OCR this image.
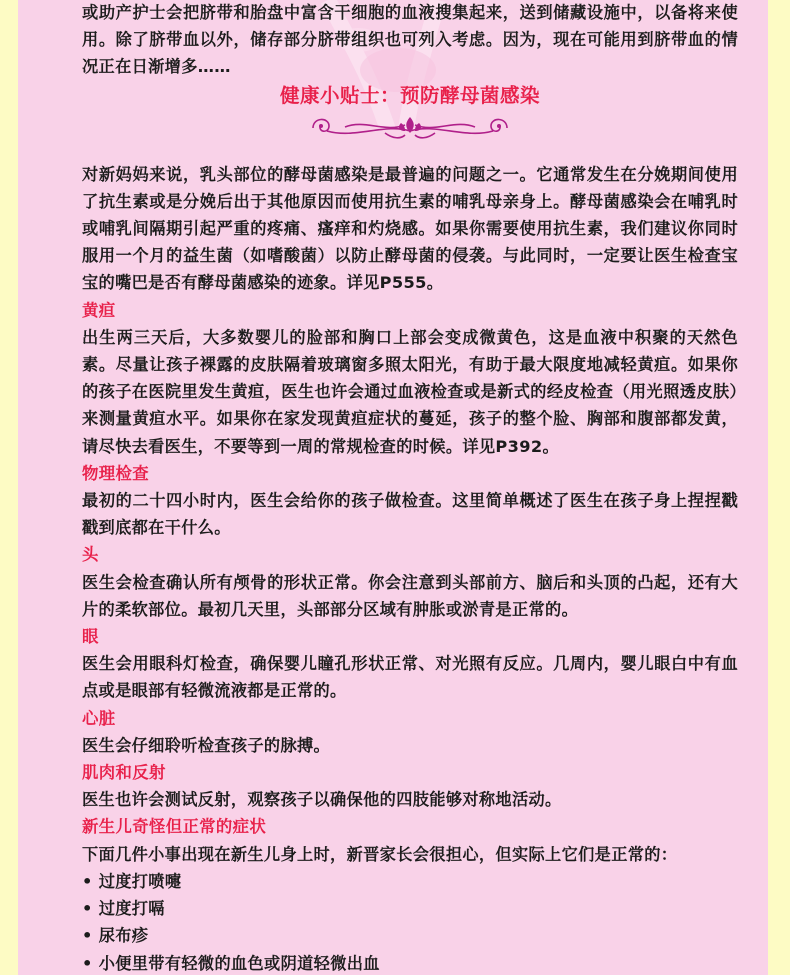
或助产护士会把脐带和胎盘中富含干细胞的血液搜集起来，送到储藏设施中，以备将来使用。除了脐带血以外，储存部分脐带组织也可列入考虑。因为，现在可能用到脐带血的情况正在日渐增多……

健康小贴士：预防酵母菌感染

对新妈妈来说，乳头部位的酵母菌感染是最普遍的问题之一。它通常发生在分娩期间使用了抗生素或是分娩后出于其他原因而使用抗生素的哺乳母亲身上。酵母菌感染会在哺乳时或哺乳间隔期引起严重的疼痛、瘙痒和灼烧感。如果你需要使用抗生素，我们建议你同时服用一个月的益生菌（如嗜酸菌）以防止酵母菌的侵袭。与此同时，一定要让医生检查宝宝的嘴巴是否有酵母菌感染的迹象。详见P555。

黄疸

出生两三天后，大多数婴儿的脸部和胸口上部会变成微黄色，这是血液中积聚的天然色素。尽量让孩子裸露的皮肤隔着玻璃窗多照太阳光，有助于最大限度地减轻黄疸。如果你的孩子在医院里发生黄疸，医生也许会通过血液检查或是新式的经皮检查（用光照透皮肤）来测量黄疸水平。如果你在家发现黄疸症状的蔓延，孩子的整个脸、胸部和腹部都发黄，请尽快去看医生，不要等到一周的常规检查的时候。详见P392。

物理检查

最初的二十四小时内，医生会给你的孩子做检查。这里简单概述了医生在孩子身上捏捏戳戳到底都在干什么。

头

医生会检查确认所有颅骨的形状正常。你会注意到头部前方、脑后和头顶的凸起，还有大片的柔软部位。最初几天里，头部部分区域有肿胀或淤青是正常的。

眼

医生会用眼科灯检查，确保婴儿瞳孔形状正常、对光照有反应。几周内，婴儿眼白中有血点或是眼部有轻微流液都是正常的。

心脏

医生会仔细聆听检查孩子的脉搏。

肌肉和反射

医生也许会测试反射，观察孩子以确保他的四肢能够对称地活动。

新生儿奇怪但正常的症状

下面几件小事出现在新生儿身上时，新晋家长会很担心，但实际上它们是正常的：

• 过度打喷嚏
• 过度打嗝
• 尿布疹
• 小便里带有轻微的血色或阴道轻微出血
